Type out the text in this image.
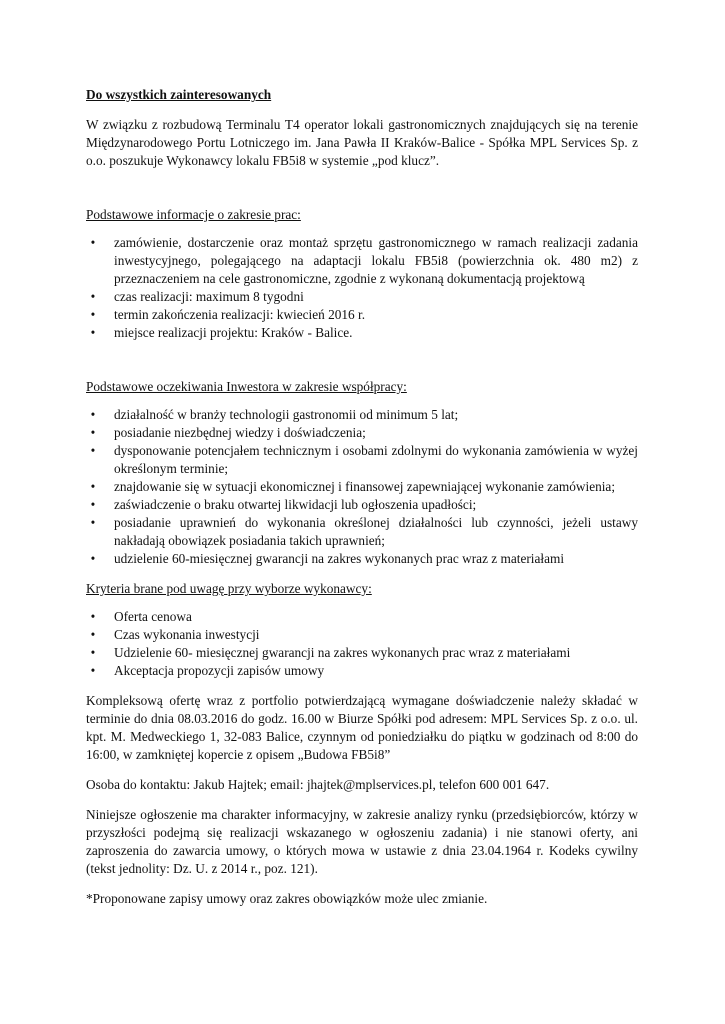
Do wszystkich zainteresowanych

W związku z rozbudową Terminalu T4 operator lokali gastronomicznych znajdujących się na terenie Międzynarodowego Portu Lotniczego im. Jana Pawła II Kraków-Balice - Spółka MPL Services Sp. z o.o. poszukuje Wykonawcy lokalu FB5i8 w systemie „pod klucz”.

Podstawowe informacje o zakresie prac:

• zamówienie, dostarczenie oraz montaż sprzętu gastronomicznego w ramach realizacji zadania inwestycyjnego, polegającego na adaptacji lokalu FB5i8 (powierzchnia ok. 480 m2) z przeznaczeniem na cele gastronomiczne, zgodnie z wykonaną dokumentacją projektową
• czas realizacji: maximum 8 tygodni
• termin zakończenia realizacji: kwiecień 2016 r.
• miejsce realizacji projektu: Kraków - Balice.

Podstawowe oczekiwania Inwestora w zakresie współpracy:

• działalność w branży technologii gastronomii od minimum 5 lat;
• posiadanie niezbędnej wiedzy i doświadczenia;
• dysponowanie potencjałem technicznym i osobami zdolnymi do wykonania zamówienia w wyżej określonym terminie;
• znajdowanie się w sytuacji ekonomicznej i finansowej zapewniającej wykonanie zamówienia;
• zaświadczenie o braku otwartej likwidacji lub ogłoszenia upadłości;
• posiadanie uprawnień do wykonania określonej działalności lub czynności, jeżeli ustawy nakładają obowiązek posiadania takich uprawnień;
• udzielenie 60-miesięcznej gwarancji na zakres wykonanych prac wraz z materiałami

Kryteria brane pod uwagę przy wyborze wykonawcy:

• Oferta cenowa
• Czas wykonania inwestycji
• Udzielenie 60- miesięcznej gwarancji na zakres wykonanych prac wraz z materiałami
• Akceptacja propozycji zapisów umowy

Kompleksową ofertę wraz z portfolio potwierdzającą wymagane doświadczenie należy składać w terminie do dnia 08.03.2016 do godz. 16.00 w Biurze Spółki pod adresem: MPL Services Sp. z o.o. ul. kpt. M. Medweckiego 1, 32-083 Balice, czynnym od poniedziałku do piątku w godzinach od 8:00 do 16:00, w zamkniętej kopercie z opisem „Budowa FB5i8”

Osoba do kontaktu: Jakub Hajtek; email: jhajtek@mplservices.pl, telefon 600 001 647.

Niniejsze ogłoszenie ma charakter informacyjny, w zakresie analizy rynku (przedsiębiorców, którzy w przyszłości podejmą się realizacji wskazanego w ogłoszeniu zadania) i nie stanowi oferty, ani zaproszenia do zawarcia umowy, o których mowa w ustawie z dnia 23.04.1964 r. Kodeks cywilny (tekst jednolity: Dz. U. z 2014 r., poz. 121).

*Proponowane zapisy umowy oraz zakres obowiązków może ulec zmianie.
